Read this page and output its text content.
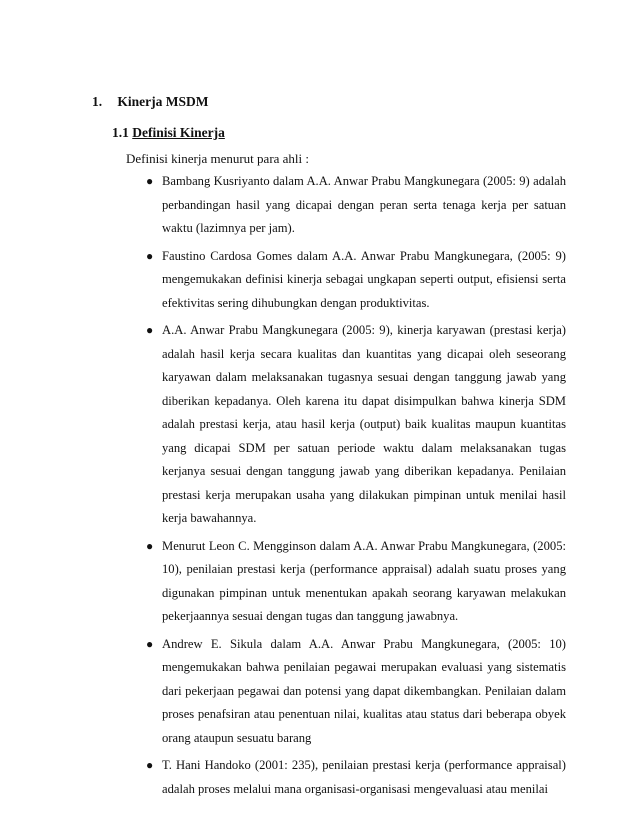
1. Kinerja MSDM

1.1 Definisi Kinerja

Definisi kinerja menurut para ahli :

● Bambang Kusriyanto dalam A.A. Anwar Prabu Mangkunegara (2005: 9) adalah perbandingan hasil yang dicapai dengan peran serta tenaga kerja per satuan waktu (lazimnya per jam).
● Faustino Cardosa Gomes dalam A.A. Anwar Prabu Mangkunegara, (2005: 9) mengemukakan definisi kinerja sebagai ungkapan seperti output, efisiensi serta efektivitas sering dihubungkan dengan produktivitas.
● A.A. Anwar Prabu Mangkunegara (2005: 9), kinerja karyawan (prestasi kerja) adalah hasil kerja secara kualitas dan kuantitas yang dicapai oleh seseorang karyawan dalam melaksanakan tugasnya sesuai dengan tanggung jawab yang diberikan kepadanya. Oleh karena itu dapat disimpulkan bahwa kinerja SDM adalah prestasi kerja, atau hasil kerja (output) baik kualitas maupun kuantitas yang dicapai SDM per satuan periode waktu dalam melaksanakan tugas kerjanya sesuai dengan tanggung jawab yang diberikan kepadanya. Penilaian prestasi kerja merupakan usaha yang dilakukan pimpinan untuk menilai hasil kerja bawahannya.
● Menurut Leon C. Mengginson dalam A.A. Anwar Prabu Mangkunegara, (2005: 10), penilaian prestasi kerja (performance appraisal) adalah suatu proses yang digunakan pimpinan untuk menentukan apakah seorang karyawan melakukan pekerjaannya sesuai dengan tugas dan tanggung jawabnya.
● Andrew E. Sikula dalam A.A. Anwar Prabu Mangkunegara, (2005: 10) mengemukakan bahwa penilaian pegawai merupakan evaluasi yang sistematis dari pekerjaan pegawai dan potensi yang dapat dikembangkan. Penilaian dalam proses penafsiran atau penentuan nilai, kualitas atau status dari beberapa obyek orang ataupun sesuatu barang
● T. Hani Handoko (2001: 235), penilaian prestasi kerja (performance appraisal) adalah proses melalui mana organisasi-organisasi mengevaluasi atau menilai
